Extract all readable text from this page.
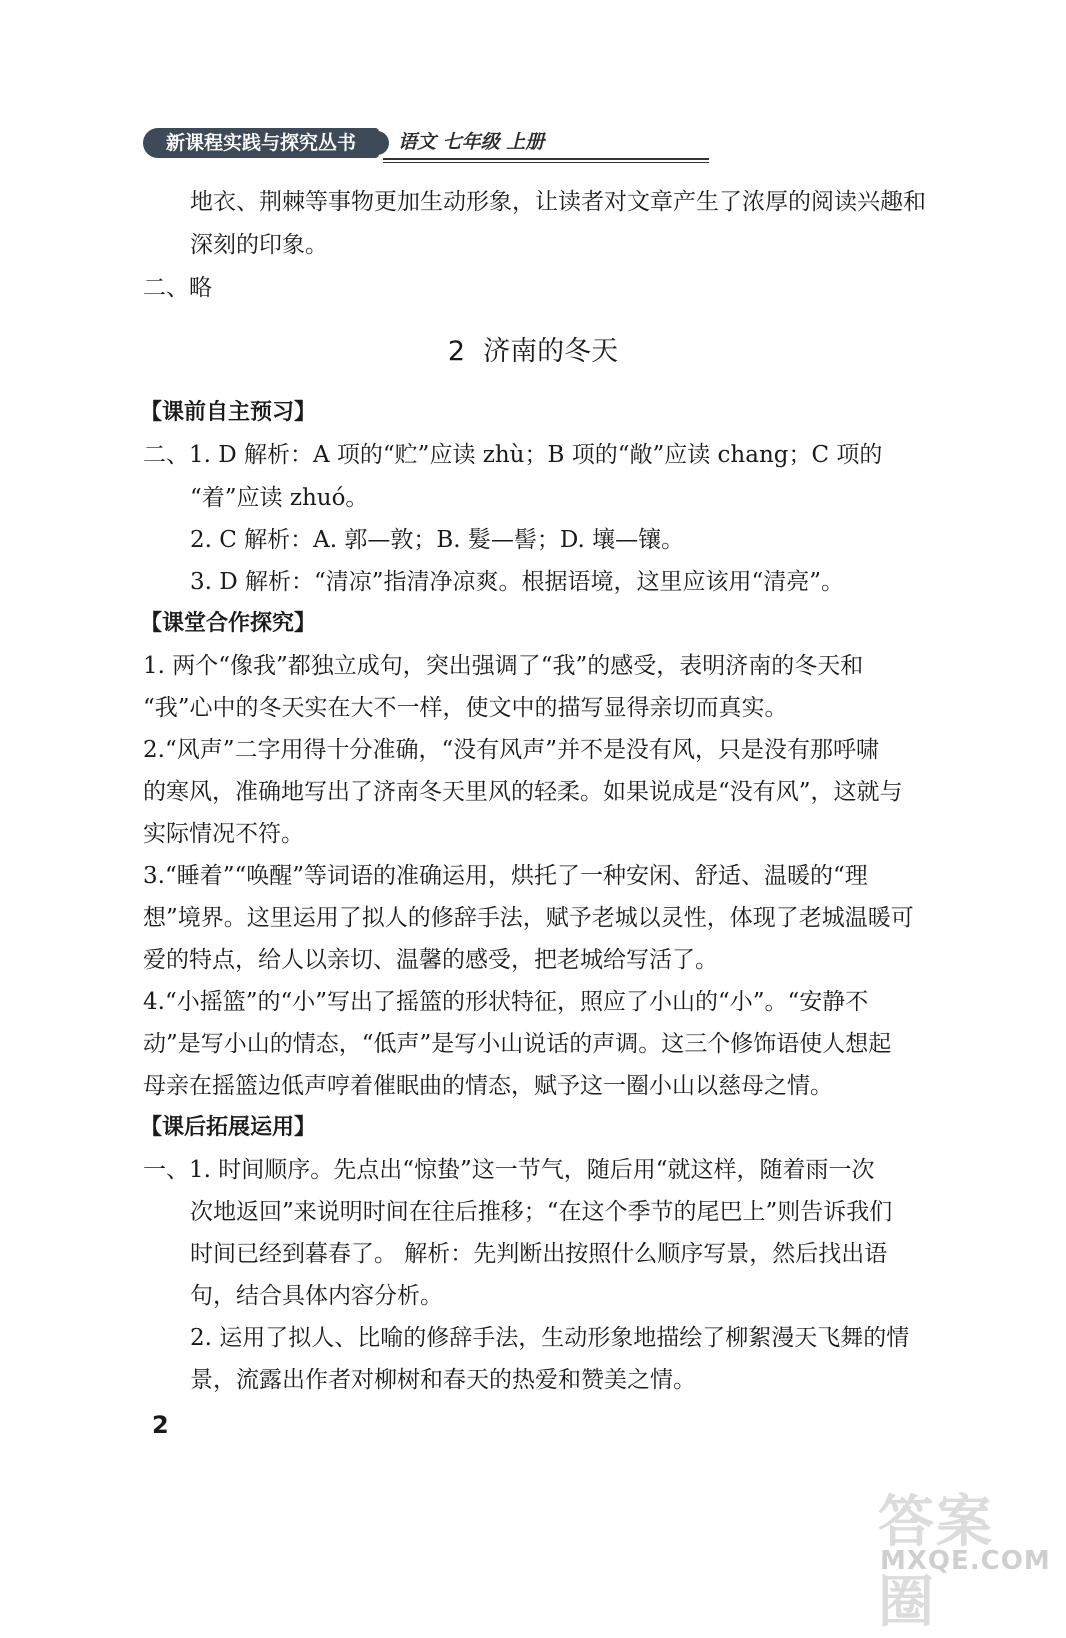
新课程实践与探究丛书	语文 七年级 上册
地衣、荆棘等事物更加生动形象，让读者对文章产生了浓厚的阅读兴趣和
深刻的印象。
二、略
2 济南的冬天
【课前自主预习】
二、1. D 解析：A 项的“贮”应读 zhù；B 项的“敞”应读 chang；C 项的
“着”应读 zhuó。
2. C 解析：A. 郭—敦；B. 髮—髻；D. 壤—镶。
3. D 解析：“清凉”指清净凉爽。根据语境，这里应该用“清亮”。
【课堂合作探究】
1. 两个“像我”都独立成句，突出强调了“我”的感受，表明济南的冬天和
“我”心中的冬天实在大不一样，使文中的描写显得亲切而真实。
2.“风声”二字用得十分准确，“没有风声”并不是没有风，只是没有那呼啸
的寒风，准确地写出了济南冬天里风的轻柔。如果说成是“没有风”，这就与
实际情况不符。
3.“睡着”“唤醒”等词语的准确运用，烘托了一种安闲、舒适、温暖的“理
想”境界。这里运用了拟人的修辞手法，赋予老城以灵性，体现了老城温暖可
爱的特点，给人以亲切、温馨的感受，把老城给写活了。
4.“小摇篮”的“小”写出了摇篮的形状特征，照应了小山的“小”。“安静不
动”是写小山的情态，“低声”是写小山说话的声调。这三个修饰语使人想起
母亲在摇篮边低声哼着催眠曲的情态，赋予这一圈小山以慈母之情。
【课后拓展运用】
一、1. 时间顺序。先点出“惊蛰”这一节气，随后用“就这样，随着雨一次
次地返回”来说明时间在往后推移；“在这个季节的尾巴上”则告诉我们
时间已经到暮春了。 解析：先判断出按照什么顺序写景，然后找出语
句，结合具体内容分析。
2. 运用了拟人、比喻的修辞手法，生动形象地描绘了柳絮漫天飞舞的情
景，流露出作者对柳树和春天的热爱和赞美之情。
2
答案圈
MXQE.COM
